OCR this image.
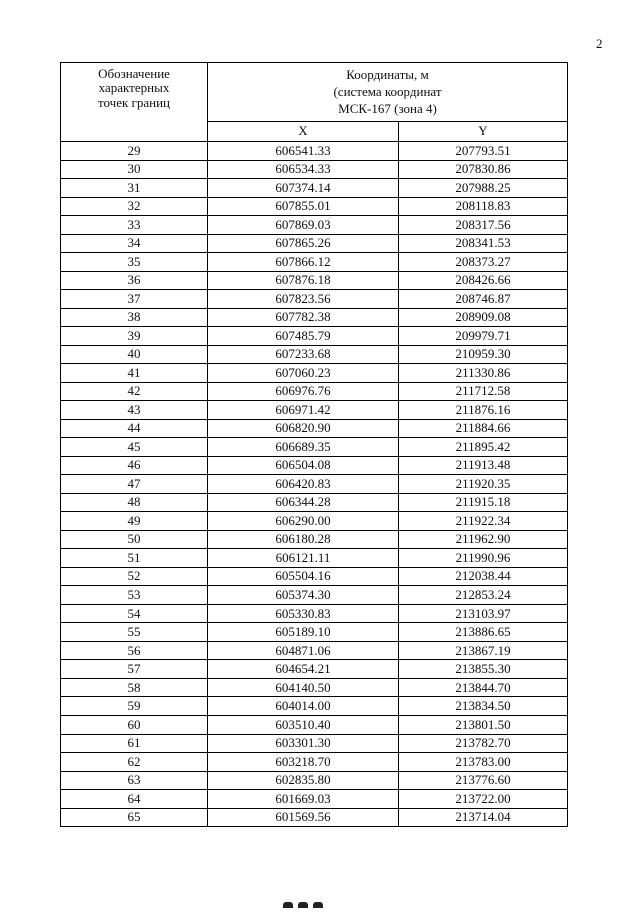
2
Обозначение характерных точек границ	Координаты, м
(система координат
МСК-167 (зона 4)	

	X	Y
29	606541.33	207793.51
30	606534.33	207830.86
31	607374.14	207988.25
32	607855.01	208118.83
33	607869.03	208317.56
34	607865.26	208341.53
35	607866.12	208373.27
36	607876.18	208426.66
37	607823.56	208746.87
38	607782.38	208909.08
39	607485.79	209979.71
40	607233.68	210959.30
41	607060.23	211330.86
42	606976.76	211712.58
43	606971.42	211876.16
44	606820.90	211884.66
45	606689.35	211895.42
46	606504.08	211913.48
47	606420.83	211920.35
48	606344.28	211915.18
49	606290.00	211922.34
50	606180.28	211962.90
51	606121.11	211990.96
52	605504.16	212038.44
53	605374.30	212853.24
54	605330.83	213103.97
55	605189.10	213886.65
56	604871.06	213867.19
57	604654.21	213855.30
58	604140.50	213844.70
59	604014.00	213834.50
60	603510.40	213801.50
61	603301.30	213782.70
62	603218.70	213783.00
63	602835.80	213776.60
64	601669.03	213722.00
65	601569.56	213714.04
